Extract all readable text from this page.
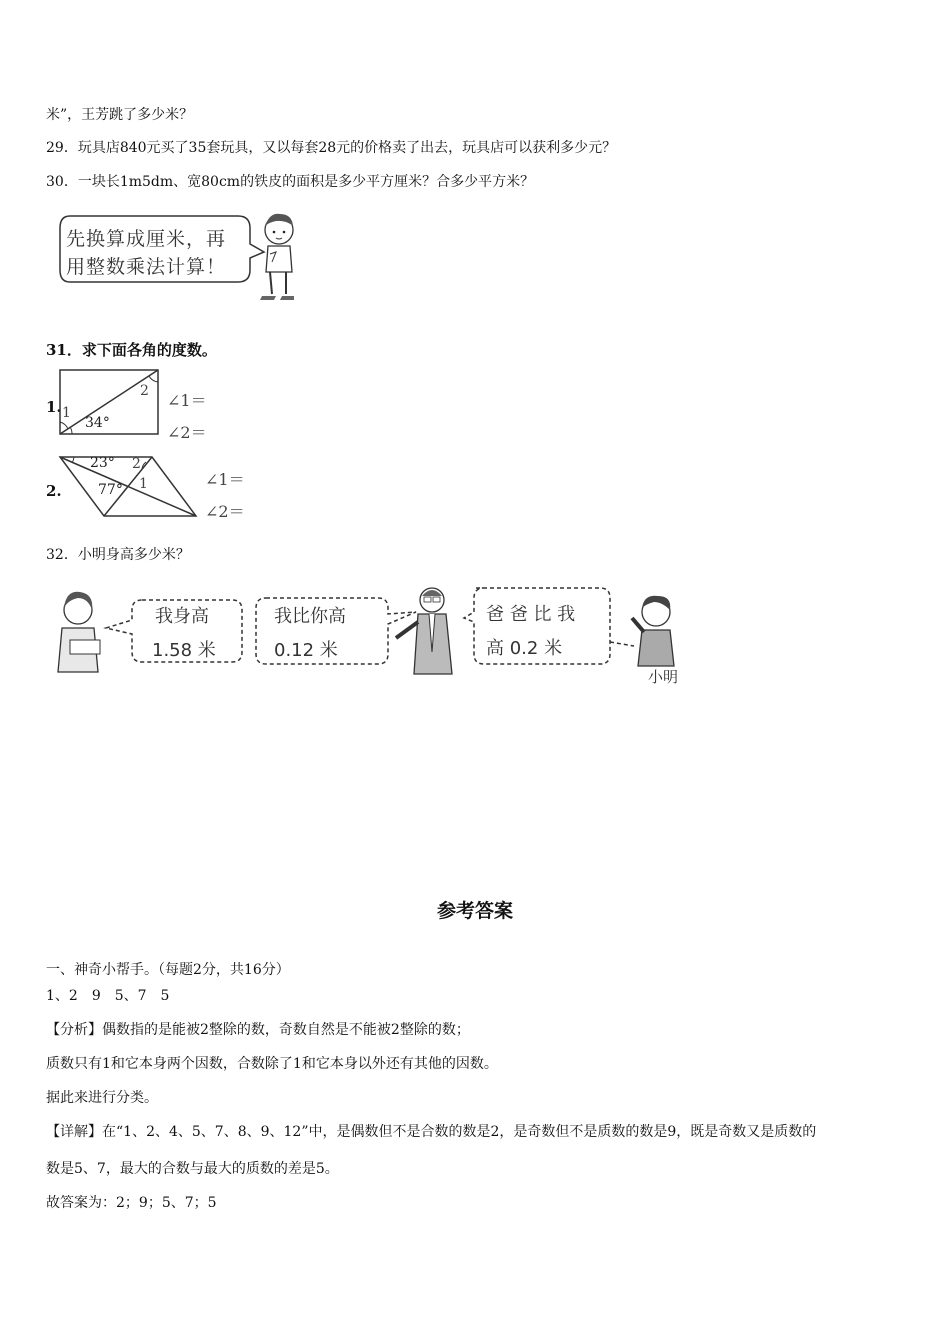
米”，王芳跳了多少米？
29．玩具店840元买了35套玩具，又以每套28元的价格卖了出去，玩具店可以获利多少元？
30．一块长1m5dm、宽80cm的铁皮的面积是多少平方厘米？合多少平方米？
先换算成厘米，再
用整数乘法计算！
31．求下面各角的度数。
1. 1
34°
2 ∠1＝
∠2＝
2.
23° 2
77° 1	∠1＝
∠2＝
32．小明身高多少米？
我身高
1.58 米
我比你高
0.12 米
爸 爸 比 我
高 0.2 米
小明
参考答案
一、神奇小帮手。（每题2分，共16分）
1、2　9　5、7　5
【分析】偶数指的是能被2整除的数，奇数自然是不能被2整除的数；
质数只有1和它本身两个因数，合数除了1和它本身以外还有其他的因数。
据此来进行分类。
【详解】在“1、2、4、5、7、8、9、12”中，是偶数但不是合数的数是2，是奇数但不是质数的数是9，既是奇数又是质数的
数是5、7，最大的合数与最大的质数的差是5。
故答案为：2；9；5、7；5
